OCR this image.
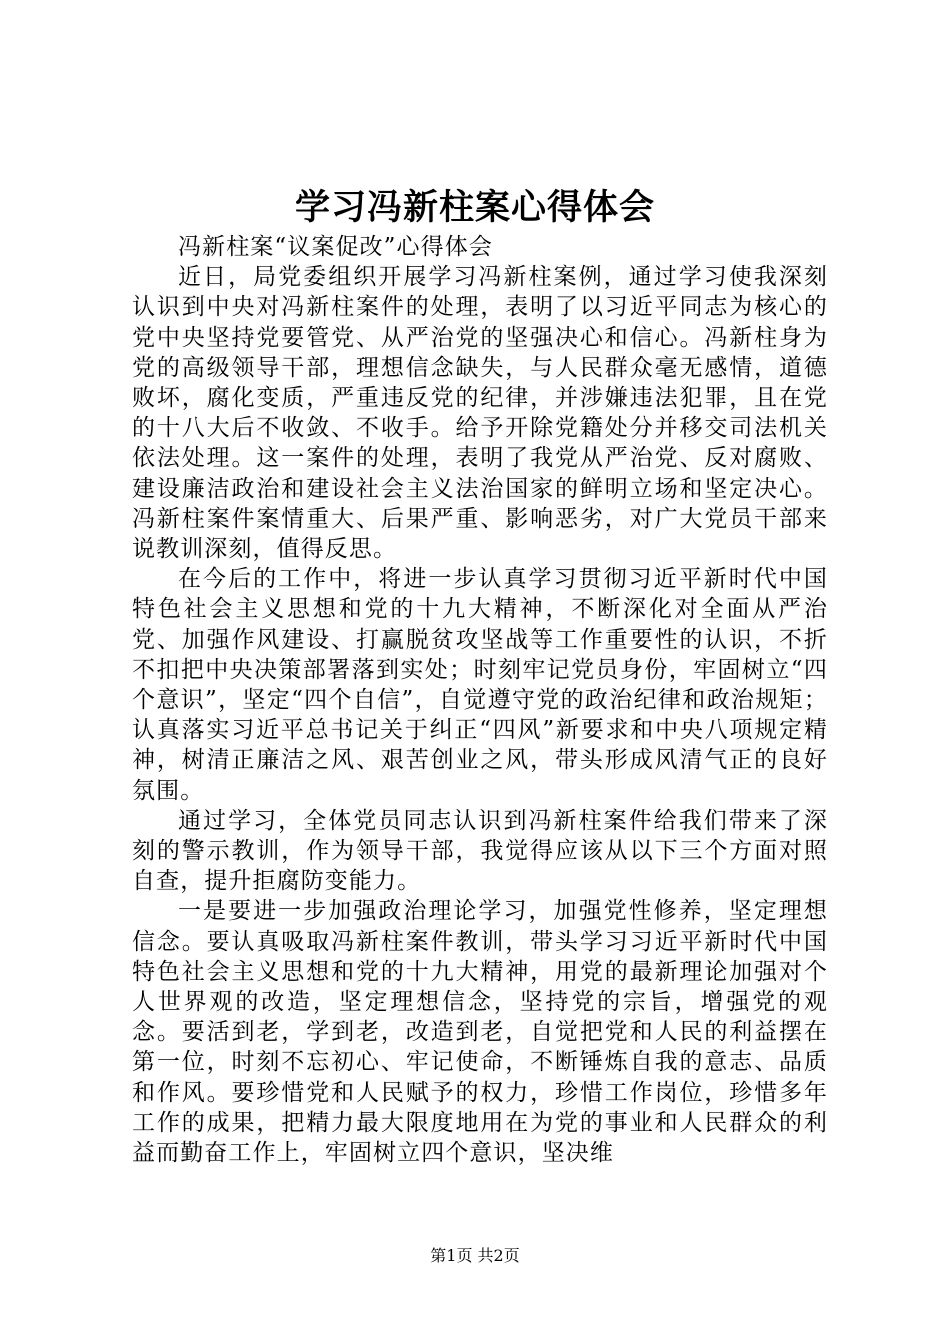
学习冯新柱案心得体会

冯新柱案“议案促改”心得体会

近日，局党委组织开展学习冯新柱案例，通过学习使我深刻认识到中央对冯新柱案件的处理，表明了以习近平同志为核心的党中央坚持党要管党、从严治党的坚强决心和信心。冯新柱身为党的高级领导干部，理想信念缺失，与人民群众毫无感情，道德败坏，腐化变质，严重违反党的纪律，并涉嫌违法犯罪，且在党的十八大后不收敛、不收手。给予开除党籍处分并移交司法机关依法处理。这一案件的处理，表明了我党从严治党、反对腐败、建设廉洁政治和建设社会主义法治国家的鲜明立场和坚定决心。冯新柱案件案情重大、后果严重、影响恶劣，对广大党员干部来说教训深刻，值得反思。

在今后的工作中，将进一步认真学习贯彻习近平新时代中国特色社会主义思想和党的十九大精神，不断深化对全面从严治党、加强作风建设、打赢脱贫攻坚战等工作重要性的认识，不折不扣把中央决策部署落到实处；时刻牢记党员身份，牢固树立“四个意识”，坚定“四个自信”，自觉遵守党的政治纪律和政治规矩；认真落实习近平总书记关于纠正“四风”新要求和中央八项规定精神，树清正廉洁之风、艰苦创业之风，带头形成风清气正的良好氛围。

通过学习，全体党员同志认识到冯新柱案件给我们带来了深刻的警示教训，作为领导干部，我觉得应该从以下三个方面对照自查，提升拒腐防变能力。

一是要进一步加强政治理论学习，加强党性修养，坚定理想信念。要认真吸取冯新柱案件教训，带头学习习近平新时代中国特色社会主义思想和党的十九大精神，用党的最新理论加强对个人世界观的改造，坚定理想信念，坚持党的宗旨，增强党的观念。要活到老，学到老，改造到老，自觉把党和人民的利益摆在第一位，时刻不忘初心、牢记使命，不断锤炼自我的意志、品质和作风。要珍惜党和人民赋予的权力，珍惜工作岗位，珍惜多年工作的成果，把精力最大限度地用在为党的事业和人民群众的利益而勤奋工作上，牢固树立四个意识，坚决维

第1页 共2页
